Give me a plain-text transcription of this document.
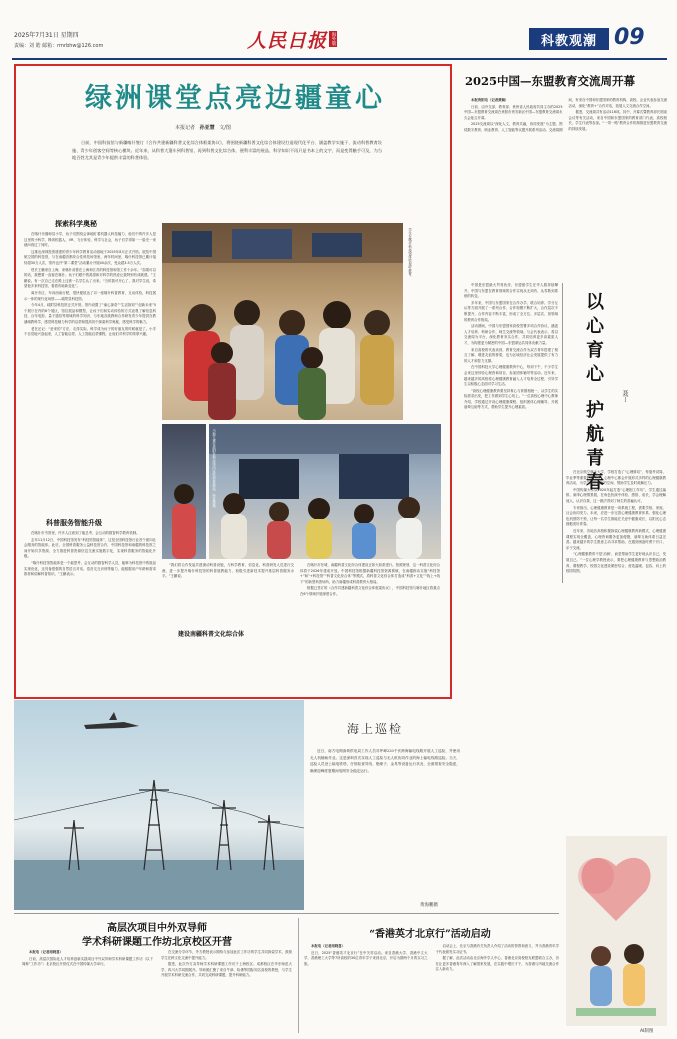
2025年7月31日 星期四
责编：刘 皓 邮箱：rmrbhw@126.com	人民日报 海外版	科教观潮 09
绿洲课堂点亮边疆童心
本报记者 孙亚慧 文/图
日前，中国科技馆与新疆喀什签订《合作共建新疆科普文化综合体框架协议》，将围绕新疆科普文化综合体建设打造现代化平台、涵盖教学实施于、流动科普教育设施、青少年创客空间等核心模块。近年来，从科普大篷车到科普馆，再到科普文化综合体，便利丰富的展品、科学知识不再只是书本上的文字，而是变得触手可及，为当地百姓尤其是青少年提供丰富的科普体验。
探索科学奥秘

在喀什市伽师县小学，孩子们围绕会神地盯着机器人科技幅力，他们中的许多人是这里的小科学，释到机器人、VR、飞行体验、科学与社会，孩子们学得如一一脸充一来就问再过了何时。

这推出深圳投资援建的青少年科学教育活动基地于2025年8月正式开馆。展览中国航空国的科技馆，与在南疆首都综合性科技场馆里，两年时间里，喀什科技馆已累计接待超30万人次，馆内也开“第二课堂”活动累计开展40余次，受众超3.5万人次。

驻长王鹏来自上海，来喀什前曾在上海和江苏的科技馆和馆工作十余年。“如果可以的话，我想要一直留在喀什。孩子们眼中的渴望和对科学的热爱让我特别有成就感。”王鹏说。有一次自己走在路上还被一名学生认了出来。“当时我可开心了，我对学生说，希望他多来科技馆，看看有啥新变化”。

离开市区，车向西南行驶，很快便抵达了另一座喀什科普教育，互动体验，科技展示一体的现代化场馆——疏附县科技馆。

今年4月，疏附县科技馆正式开馆。馆内设置了“童心探奇”“生活探知”“创新未来”5个展厅在内的6个展区，馆拉展品和模型，让孩子们和实动体验的方式直观了解信息科技、百年电影、量子通信等领域的科学知识，与东地各族教师合作研发青少年提供在教涵城教科学，感觉科技魅力科学的启蒙和提高初中探索科学奥秘，感受科学的魅力。

老在还记：“爱来的”方法，走得实际，科学成为孩子的好朋友的时候就是了。小手不自觉地兴奋起来，人工智能启蒙、人工智能启蒙课程，让他们对科学的浓厚兴趣。

科普服务智能升级

在喀什市书馆里，许多人注意到了能总考，会互动的数智科学教育机制。

去年11月12日，中国科技馆发布“科技馆智能体”，这是全国科技馆行业首个面向社会服务的智能体。此后，全国科普服务公益科技馆合作，中国科技馆和南疆的科技馆之间开始共享资源，全力推进科普资源信息交流实施数字化，实现科普服务的智能化升级。

“喀什科技馆智能体是一个能思考、会互动的数智科学人员，能够为科技馆中的展品实现优化，还具备很强的自然语言对话、语音交互识别等能力，能根据用户年龄和需求推荐和讲解科普知识。”王鹏表示。

学生在喀什科技馆体验视听教育。
当地儿童在疏附县科技馆内体验科普展品。孙亚慧摄

“我们将合作发起共建流动科普设施，与科学教育、信息化、科普研发人员进行交流，进一步提升喀什科技馆的科普展教能力，积极引进新技术提升基层科普服务水平。”王鹏说。

建设南疆科普文化综合体

在喀什市东城，南疆科普文化综合体建设正如火如荼进行。按照规划，这一科普文化综合体将于2026年建成开放。中国科技馆根据新疆科技馆资源禀赋，在南疆推动实施“科技馆+”和“+科技馆”“科普文化综合体”等模式，将科普文化综合体打造成“科普+文化”“线上+线下”的新型科普场所，助力南疆形成科普教育大格局。

根据已签订的《合作共建新疆科普文化综合体框架协议》，中国科技馆与喀什地区将重点在6个领域开展深度合作。

2025中国—东盟教育交流周开幕

本报贵阳电（记者黄娴）

日前，由外交部、教育部、贵州省人民政府共同主办的2025中国—东盟教育交流周在贵阳市贵安新区中国—东盟教育交流周永久会址召开幕。

2025交流周以“深化人文、教育共融，协同发展”为主题，围绕数字教育、职业教育、人工智能等议题开展系列活动。交流周期间，有来自中国和东盟国家的教育机构、高校、企业代表参加交流活动，深化“教育+”合作对话，拓展人文交流合作空间。

据悉，交流周共有活动116项。其中，开幕式暨教育部长圆桌会议等有关活动，来自中国和东盟国家的教育部门代表、高校校长、学生代表等参加。“一带一路”教育合作机制推进东盟教育交流的持续发展。

中国是东盟最大贸易伙伴，东盟留学生在华人数持续攀升，中国与东盟在教育领域的合作实现从无到有、从零散到系统的转变。

多年来，中国与东盟国家在合作办学、联合培养、学分互认等方面开展了一系列合作，合作规模不断扩大，合作层次不断提升，合作内容不断丰富，形成了全方位、多层次、宽领域的教育合作格局。

活动期间，中国与东盟国家高校签署多项合作协议，涵盖人才培养、科研合作、师生交流等领域。与会代表表示，将以交流周为平台，深化教育务实合作，共同培养更多高素质人才，为构建更为紧密的中国—东盟命运共同体贡献力量。

来自高校的代表谈到，教育交流合作为双方青年搭建了相互了解、增进友谊的桥梁，也为区域经济社会发展提供了有力的人才和智力支撑。

在中国科技大学心理健康教育中心，每到下午，不少学生会来这里体验心理咨询项目、参加团体辅导等活动。近年来，越来越多的高校将心理健康教育融入人才培养全过程，引导学生以积极心态面对学习生活。

“高校心理健康教育要坚持育心与育德相统一，从学生的实际需求出发，把工作做到学生心坎上。”一位高校心理中心教师介绍，学校通过开设心理健康课程、组织团体心理辅导、开展朋辈互助等方式，帮助学生提升心理素质。	以心育心 护航青春	聂丁

在北京航空航天大学，学校打造了“心理驿站”，每逢考试周、毕业季等重要时间节点，心理中心都会开展形式多样的心理健康教育活动，为学生提供倾诉的空间，帮助学生及时疏解压力。

中国传媒大学从2020年起打造“心理剧工作坊”，学生通过编排、演绎心理情景剧，在角色扮演中体验、感悟、成长，学会理解他人、认识自我，这一做法得到了师生的普遍认可。

专家指出，心理健康教育是一项系统工程，需要学校、家庭、社会协同发力。未来，应进一步完善心理健康教育体系，强化心理危机预防干预，让每一名学生都能在关爱中健康成长，以阳光心态拥抱美好青春。

近年来，各地各高校积极探索心理健康教育新模式，心理健康课程实现全覆盖，心理咨询服务更加便捷，朋辈互助体系日益完善。越来越多的学生愿意主动寻求帮助，在遇到困惑时勇于开口、乐于交流。

“心理健康教育不是‘治病’，而是帮助学生更好地认识自己、发展自己。”一位心理学教授表示，要把心理健康教育与思想政治教育、课程教学、校园文化建设紧密结合，营造温暖、包容、向上的校园氛围。

AI制图
海上巡检
近日，南方电网深圳供电局工作人员对坪岬220千伏跨海输电线路开展人工巡检，并使用无人机辅助作业。这是深圳首次实现人工巡检与无人机协同作业的海上输电线路巡检。当天，巡检人员登上输电铁塔，仔细检查导线、绝缘子、金具等设备运行状况，全面排查安全隐患，确保迎峰度夏期间电网安全稳定运行。
黄海鹏摄
高层次项目中外双导师
学术科研课题工作坊北京校区开营

本报电（记者周晓喜）

日前，高层次国际化人才培养创新实践项目中外双导师学术科研课题工作坊（以下简称“工作坊”）北京校区开营仪式在中国传媒大学举行。

在交流分享环节，外方教授表示期待与参加此次工作坊的学生共同探索学术，鼓励学生在跨文化交流中提升能力。

据悉，此次外方双导师学术科研课题工作坊于上海校区、成都校区在华东师范大学、四川大学同期展开。导师团汇聚了来自牛津、哈佛等国际知名高校的教授，与学生开展学术科研交流合作，共同完成科研课题，提升科研能力。

“香港英才北京行”活动启动

本报电（记者周晓喜）

近日，2025“香港英才北京行”在中关村启动。来自香港大学、香港中文大学、香港理工大学等7所高校的30位青年学子来到北京，开启为期两个月的实习之旅。

启动会上，北京与香港有关负责人介绍了活动的背景和意义，并为香港青年学子代表颁发实习证书。

据了解，此次活动由北京海外学人中心、香港北京高校校友联盟联合主办，旨在让更多香港青年深入了解国家发展，在实践中增长才干，为香港与内地交流合作注入新动力。
